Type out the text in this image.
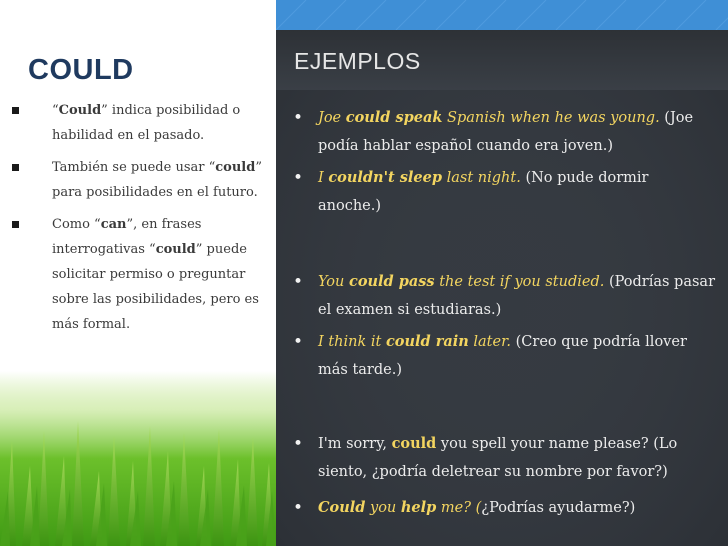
COULD
“Could” indica posibilidad o habilidad en el pasado.
También se puede usar “could” para posibilidades en el futuro.
Como “can”, en frases interrogativas “could” puede solicitar permiso o preguntar sobre las posibilidades, pero es más formal.
EJEMPLOS
• Joe could speak Spanish when he was young. (Joe podía hablar español cuando era joven.)
• I couldn't sleep last night. (No pude dormir anoche.)
• You could pass the test if you studied. (Podrías pasar el examen si estudiaras.)
• I think it could rain later. (Creo que podría llover más tarde.)
• I'm sorry, could you spell your name please? (Lo siento, ¿podría deletrear su nombre por favor?)
• Could you help me? (¿Podrías ayudarme?)
